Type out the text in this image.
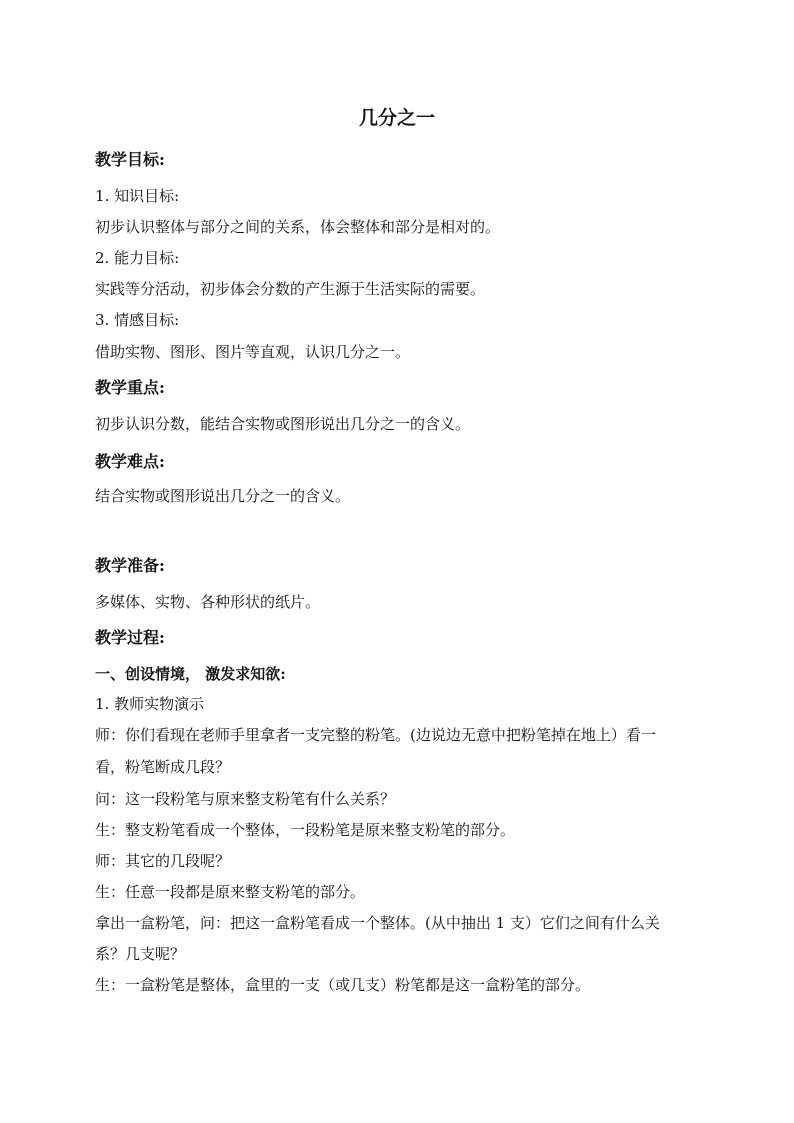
几分之一
教学目标:
1. 知识目标:
初步认识整体与部分之间的关系，体会整体和部分是相对的。
2. 能力目标:
实践等分活动，初步体会分数的产生源于生活实际的需要。
3. 情感目标:
借助实物、图形、图片等直观，认识几分之一。
教学重点:
初步认识分数，能结合实物或图形说出几分之一的含义。
教学难点:
结合实物或图形说出几分之一的含义。
教学准备:
多媒体、实物、各种形状的纸片。
教学过程:
一、创设情境， 激发求知欲:
1. 教师实物演示
师：你们看现在老师手里拿者一支完整的粉笔。(边说边无意中把粉笔掉在地上）看一
看，粉笔断成几段？
问：这一段粉笔与原来整支粉笔有什么关系？
生：整支粉笔看成一个整体，一段粉笔是原来整支粉笔的部分。
师：其它的几段呢？
生：任意一段都是原来整支粉笔的部分。
拿出一盒粉笔，问：把这一盒粉笔看成一个整体。(从中抽出 1 支）它们之间有什么关
系？几支呢？
生：一盒粉笔是整体，盒里的一支（或几支）粉笔都是这一盒粉笔的部分。
